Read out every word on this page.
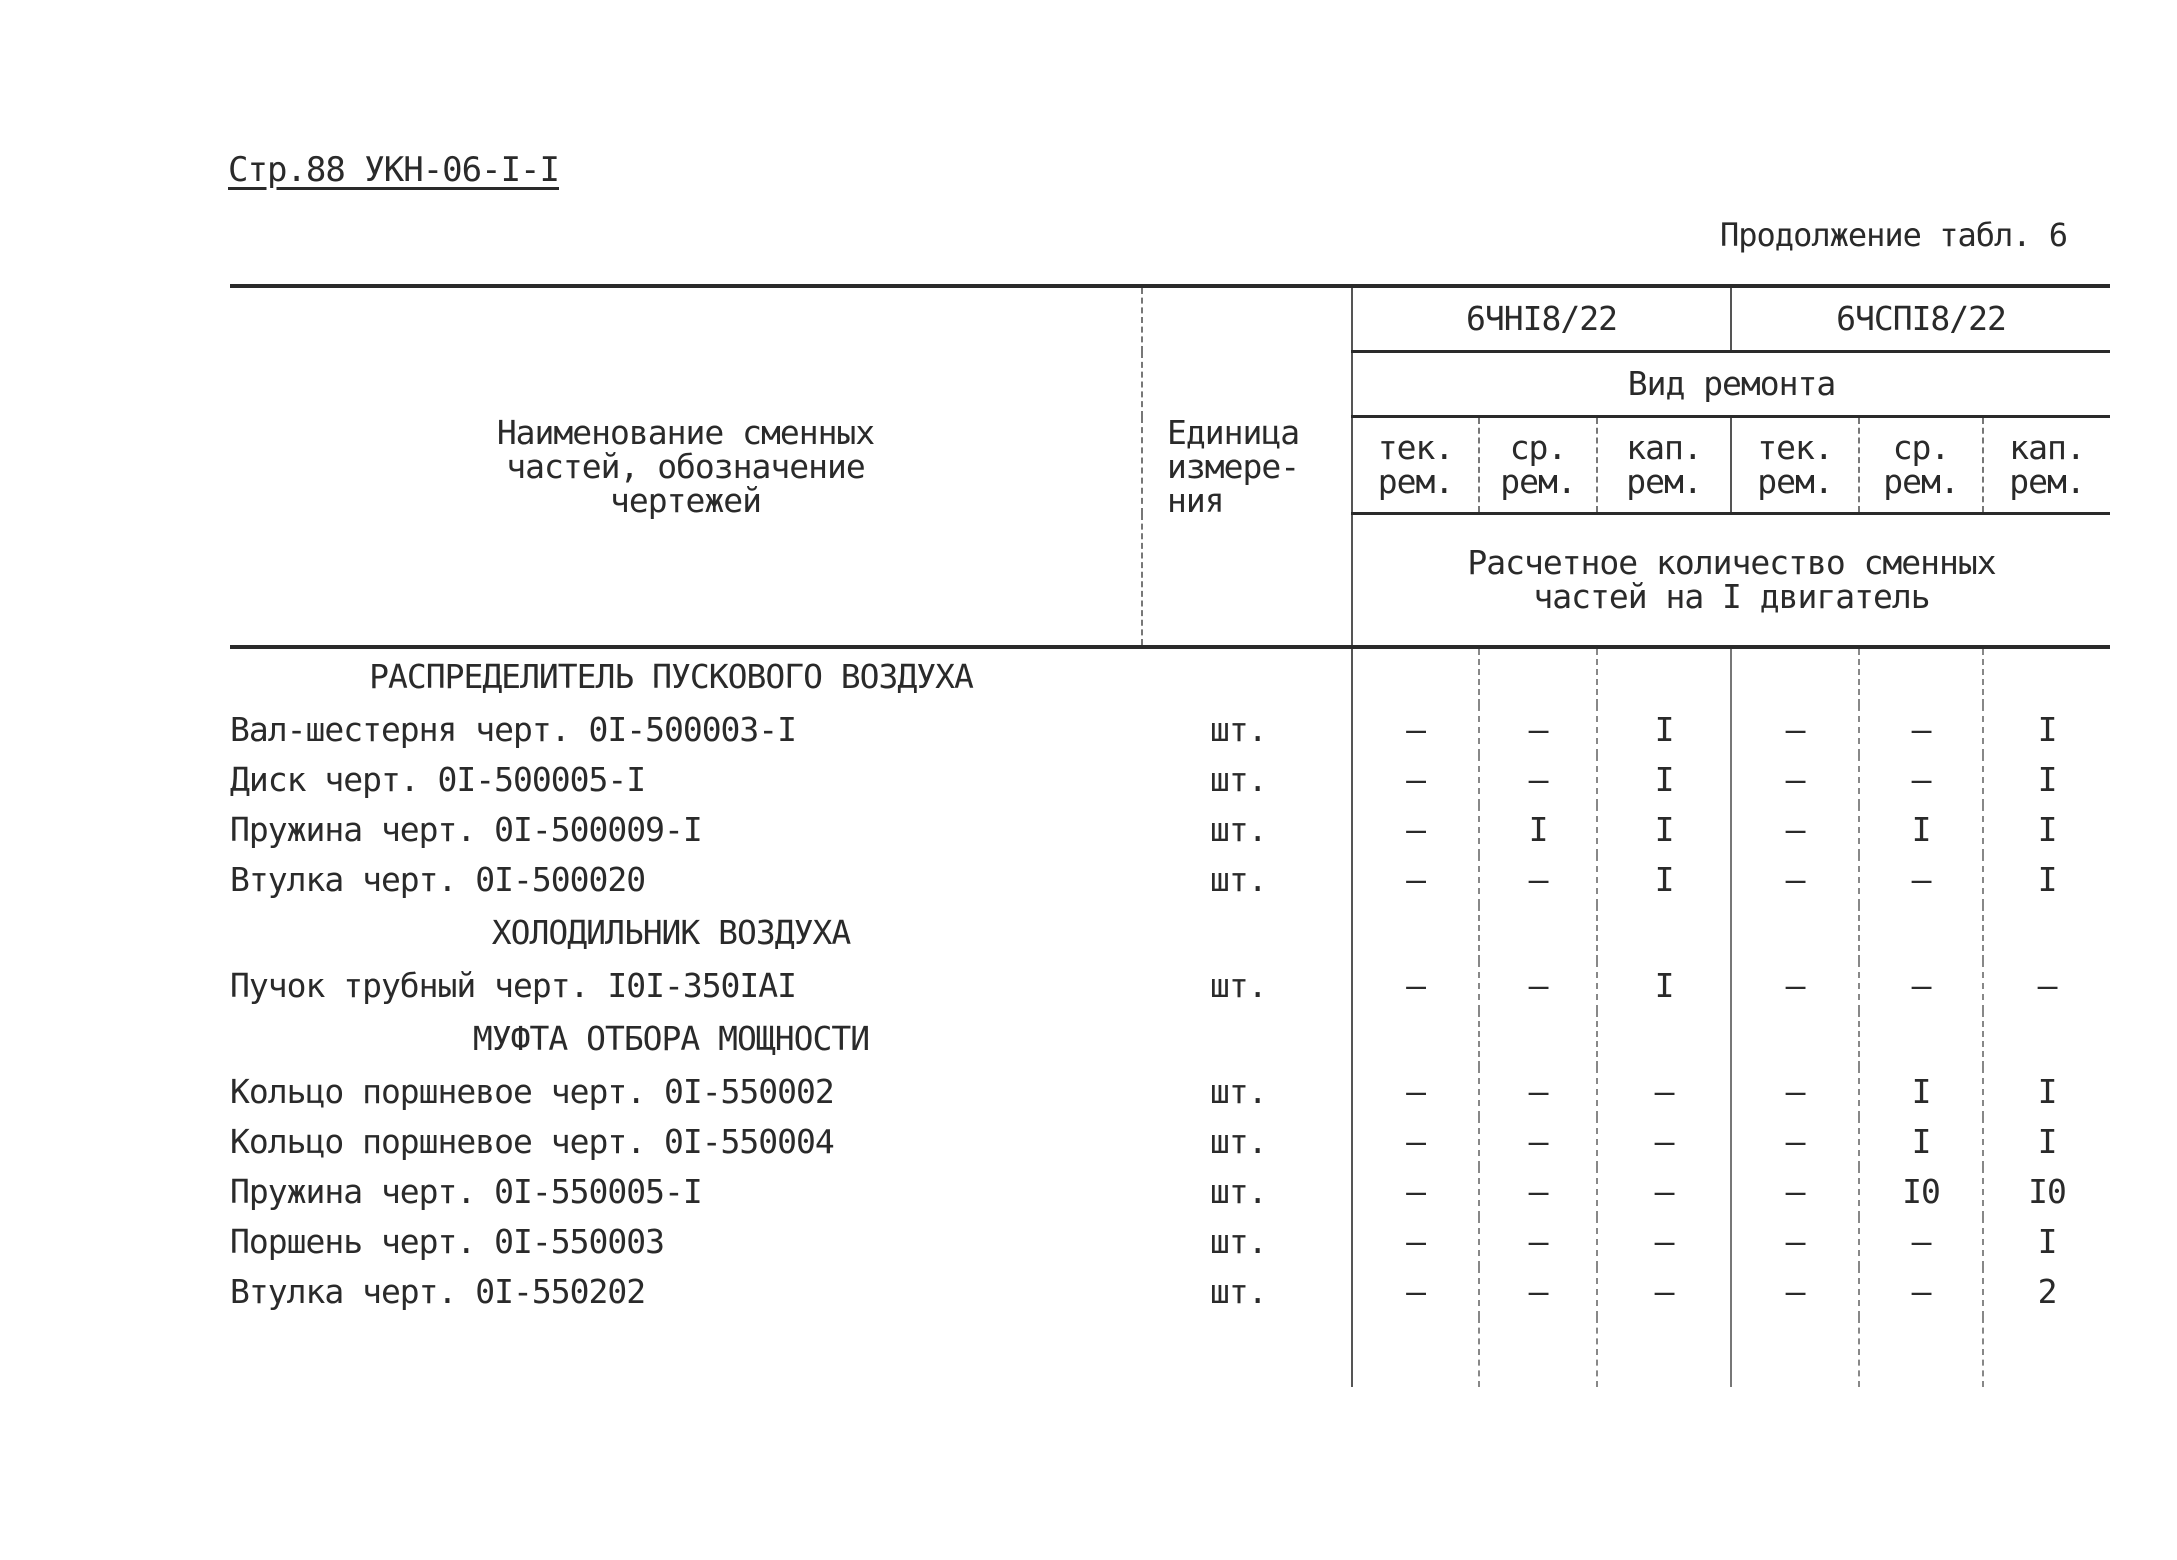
Стр.88 УКН-06-I-I
Продолжение табл. 6
Наименование сменных частей, обозначение чертежей	Единица измере-ния	6ЧНI8/22			6ЧСПI8/22		
		Вид ремонта					

		тек. рем.	ср. рем.	кап. рем.	тек. рем.	ср. рем.	кап. рем.

		Расчетное количество сменных частей на I двигатель					

РАСПРЕДЕЛИТЕЛЬ ПУСКОВОГО ВОЗДУХА							
Вал-шестерня черт. 0I-500003-I	шт.	–	–	I	–	–	I
Диск черт. 0I-500005-I	шт.	–	–	I	–	–	I
Пружина черт. 0I-500009-I	шт.	–	I	I	–	I	I
Втулка черт. 0I-500020	шт.	–	–	I	–	–	I
ХОЛОДИЛЬНИК ВОЗДУХА							
Пучок трубный черт. I0I-350IAI	шт.	–	–	I	–	–	–
МУФТА ОТБОРА МОЩНОСТИ							
Кольцо поршневое черт. 0I-550002	шт.	–	–	–	–	I	I
Кольцо поршневое черт. 0I-550004	шт.	–	–	–	–	I	I
Пружина черт. 0I-550005-I	шт.	–	–	–	–	I0	I0
Поршень черт. 0I-550003	шт.	–	–	–	–	–	I
Втулка черт. 0I-550202	шт.	–	–	–	–	–	2
